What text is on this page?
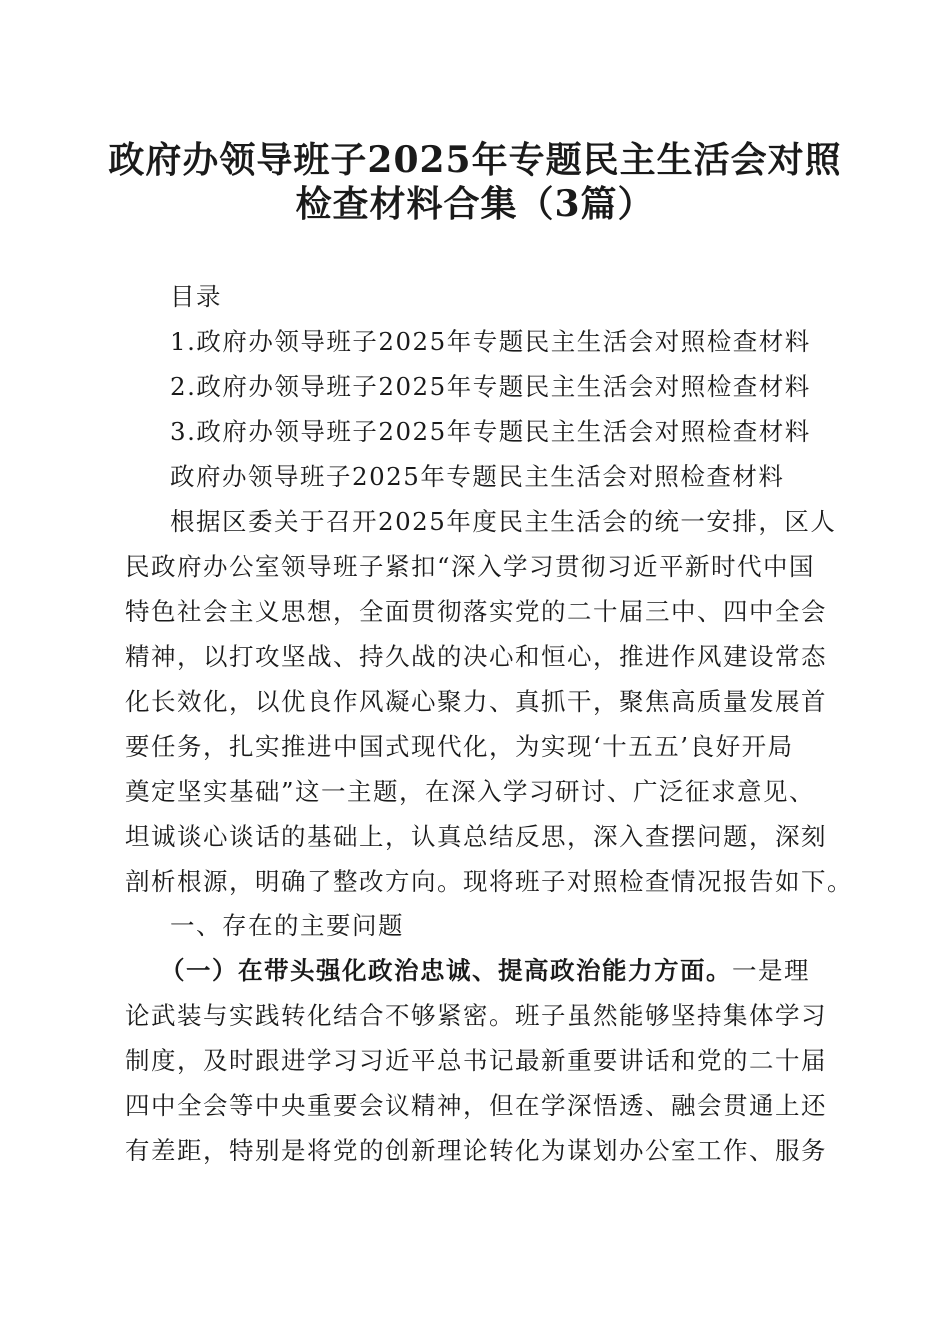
政府办领导班子2025年专题民主生活会对照
检查材料合集（3篇）
目录
1.政府办领导班子2025年专题民主生活会对照检查材料
2.政府办领导班子2025年专题民主生活会对照检查材料
3.政府办领导班子2025年专题民主生活会对照检查材料
政府办领导班子2025年专题民主生活会对照检查材料
根据区委关于召开2025年度民主生活会的统一安排，区人
民政府办公室领导班子紧扣“深入学习贯彻习近平新时代中国
特色社会主义思想，全面贯彻落实党的二十届三中、四中全会
精神，以打攻坚战、持久战的决心和恒心，推进作风建设常态
化长效化，以优良作风凝心聚力、真抓干，聚焦高质量发展首
要任务，扎实推进中国式现代化，为实现‘十五五’良好开局
奠定坚实基础”这一主题，在深入学习研讨、广泛征求意见、
坦诚谈心谈话的基础上，认真总结反思，深入查摆问题，深刻
剖析根源，明确了整改方向。现将班子对照检查情况报告如下。
一、存在的主要问题
（一）在带头强化政治忠诚、提高政治能力方面。一是理
论武装与实践转化结合不够紧密。班子虽然能够坚持集体学习
制度，及时跟进学习习近平总书记最新重要讲话和党的二十届
四中全会等中央重要会议精神，但在学深悟透、融会贯通上还
有差距，特别是将党的创新理论转化为谋划办公室工作、服务
